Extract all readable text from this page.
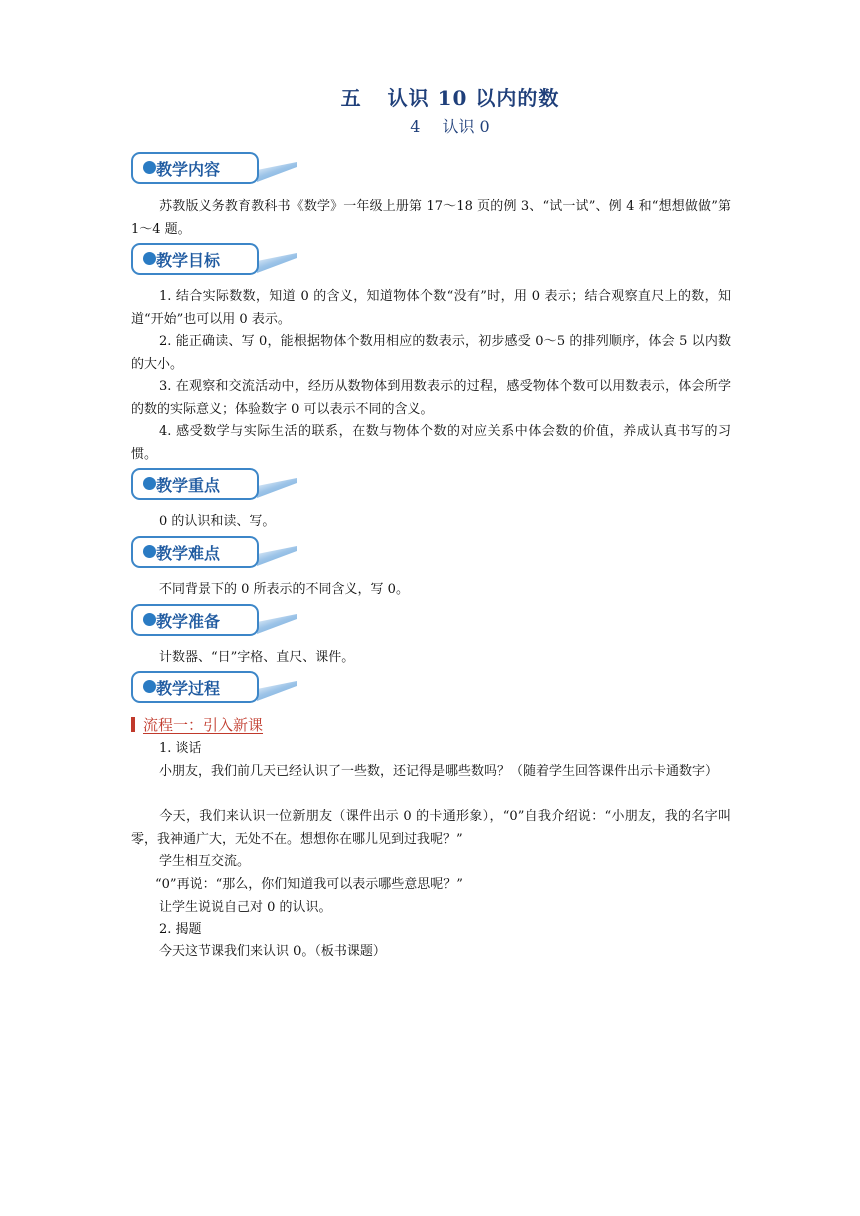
五 认识 10 以内的数
4 认识 0
教学内容
苏教版义务教育教科书《数学》一年级上册第 17～18 页的例 3、“试一试”、例 4 和“想想做做”第 1～4 题。
教学目标
1. 结合实际数数，知道 0 的含义，知道物体个数“没有”时，用 0 表示；结合观察直尺上的数，知道“开始”也可以用 0 表示。
2. 能正确读、写 0，能根据物体个数用相应的数表示，初步感受 0～5 的排列顺序，体会 5 以内数的大小。
3. 在观察和交流活动中，经历从数物体到用数表示的过程，感受物体个数可以用数表示，体会所学的数的实际意义；体验数字 0 可以表示不同的含义。
4. 感受数学与实际生活的联系，在数与物体个数的对应关系中体会数的价值，养成认真书写的习惯。
教学重点
0 的认识和读、写。
教学难点
不同背景下的 0 所表示的不同含义，写 0。
教学准备
计数器、“日”字格、直尺、课件。
教学过程
流程一：引入新课
1. 谈话
小朋友，我们前几天已经认识了一些数，还记得是哪些数吗？（随着学生回答课件出示卡通数字）
今天，我们来认识一位新朋友（课件出示 0 的卡通形象），“0”自我介绍说：“小朋友，我的名字叫零，我神通广大，无处不在。想想你在哪儿见到过我呢？”
学生相互交流。
“0”再说：“那么，你们知道我可以表示哪些意思呢？”
让学生说说自己对 0 的认识。
2. 揭题
今天这节课我们来认识 0。（板书课题）
